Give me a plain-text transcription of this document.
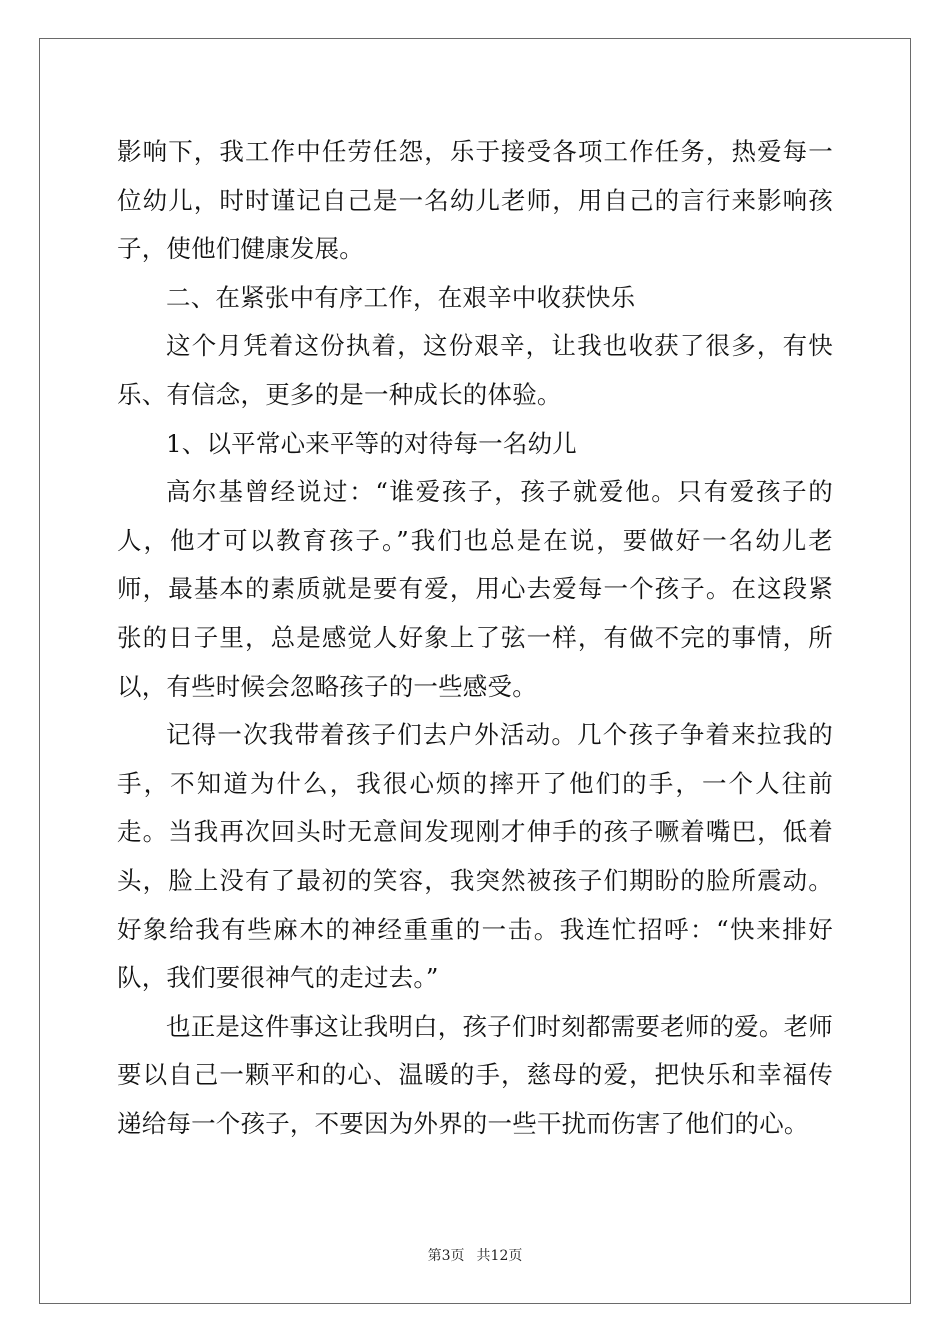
影响下，我工作中任劳任怨，乐于接受各项工作任务，热爱每一位幼儿，时时谨记自己是一名幼儿老师，用自己的言行来影响孩子，使他们健康发展。

二、在紧张中有序工作，在艰辛中收获快乐

这个月凭着这份执着，这份艰辛，让我也收获了很多，有快乐、有信念，更多的是一种成长的体验。

1、以平常心来平等的对待每一名幼儿

高尔基曾经说过：“谁爱孩子，孩子就爱他。只有爱孩子的人，他才可以教育孩子。”我们也总是在说，要做好一名幼儿老师，最基本的素质就是要有爱，用心去爱每一个孩子。在这段紧张的日子里，总是感觉人好象上了弦一样，有做不完的事情，所以，有些时候会忽略孩子的一些感受。

记得一次我带着孩子们去户外活动。几个孩子争着来拉我的手，不知道为什么，我很心烦的摔开了他们的手，一个人往前走。当我再次回头时无意间发现刚才伸手的孩子噘着嘴巴，低着头，脸上没有了最初的笑容，我突然被孩子们期盼的脸所震动。好象给我有些麻木的神经重重的一击。我连忙招呼：“快来排好队，我们要很神气的走过去。”

也正是这件事这让我明白，孩子们时刻都需要老师的爱。老师要以自己一颗平和的心、温暖的手，慈母的爱，把快乐和幸福传递给每一个孩子，不要因为外界的一些干扰而伤害了他们的心。

第3页 共12页
